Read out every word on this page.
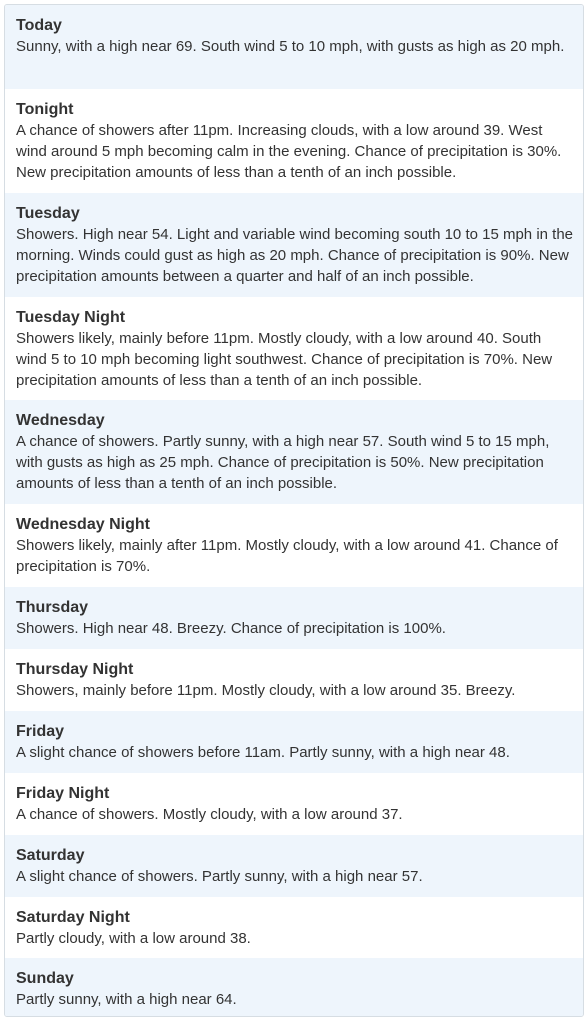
Today
Sunny, with a high near 69. South wind 5 to 10 mph, with gusts as high as 20 mph.
Tonight
A chance of showers after 11pm. Increasing clouds, with a low around 39. West wind around 5 mph becoming calm in the evening. Chance of precipitation is 30%. New precipitation amounts of less than a tenth of an inch possible.
Tuesday
Showers. High near 54. Light and variable wind becoming south 10 to 15 mph in the morning. Winds could gust as high as 20 mph. Chance of precipitation is 90%. New precipitation amounts between a quarter and half of an inch possible.
Tuesday Night
Showers likely, mainly before 11pm. Mostly cloudy, with a low around 40. South wind 5 to 10 mph becoming light southwest. Chance of precipitation is 70%. New precipitation amounts of less than a tenth of an inch possible.
Wednesday
A chance of showers. Partly sunny, with a high near 57. South wind 5 to 15 mph, with gusts as high as 25 mph. Chance of precipitation is 50%. New precipitation amounts of less than a tenth of an inch possible.
Wednesday Night
Showers likely, mainly after 11pm. Mostly cloudy, with a low around 41. Chance of precipitation is 70%.
Thursday
Showers. High near 48. Breezy. Chance of precipitation is 100%.
Thursday Night
Showers, mainly before 11pm. Mostly cloudy, with a low around 35. Breezy.
Friday
A slight chance of showers before 11am. Partly sunny, with a high near 48.
Friday Night
A chance of showers. Mostly cloudy, with a low around 37.
Saturday
A slight chance of showers. Partly sunny, with a high near 57.
Saturday Night
Partly cloudy, with a low around 38.
Sunday
Partly sunny, with a high near 64.
